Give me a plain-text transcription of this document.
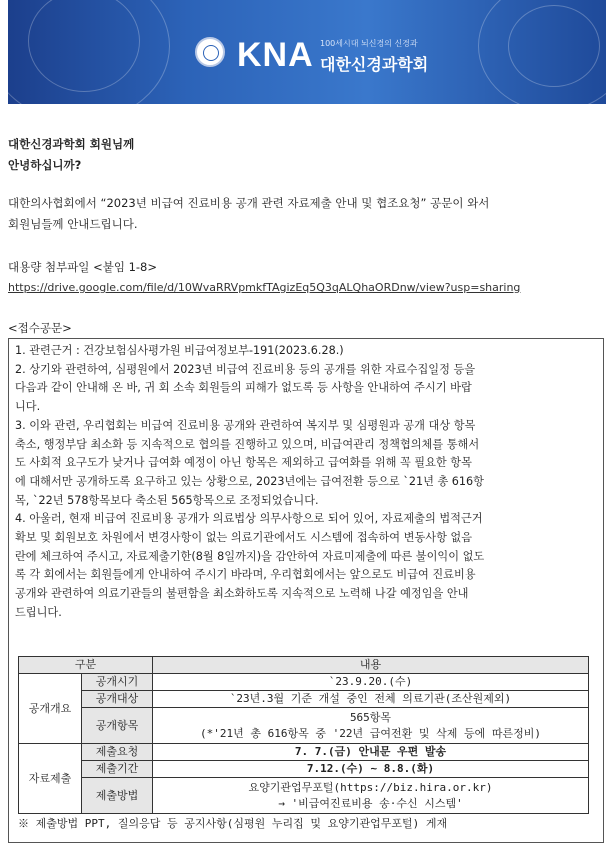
KNA 100세시대 뇌신경의 신경과
대한신경과학회
대한신경과학회 회원님께
안녕하십니까?
대한의사협회에서 “2023년 비급여 진료비용 공개 관련 자료제출 안내 및 협조요청” 공문이 와서
회원님들께 안내드립니다.
대용량 첨부파일 <붙임 1-8>
https://drive.google.com/file/d/10WvaRRVpmkfTAgizEq5Q3qALQhaORDnw/view?usp=sharing
<접수공문>
1. 관련근거 : 건강보험심사평가원 비급여정보부-191(2023.6.28.)
2. 상기와 관련하여, 심평원에서 2023년 비급여 진료비용 등의 공개를 위한 자료수집일정 등을
다음과 같이 안내해 온 바, 귀 회 소속 회원들의 피해가 없도록 등 사항을 안내하여 주시기 바랍
니다.
3. 이와 관련, 우리협회는 비급여 진료비용 공개와 관련하여 복지부 및 심평원과 공개 대상 항목
축소, 행정부담 최소화 등 지속적으로 협의를 진행하고 있으며, 비급여관리 정책협의체를 통해서
도 사회적 요구도가 낮거나 급여화 예정이 아닌 항목은 제외하고 급여화를 위해 꼭 필요한 항목
에 대해서만 공개하도록 요구하고 있는 상황으로, 2023년에는 급여전환 등으로 `21년 총 616항
목, `22년 578항목보다 축소된 565항목으로 조정되었습니다.
4. 아울러, 현재 비급여 진료비용 공개가 의료법상 의무사항으로 되어 있어, 자료제출의 법적근거
확보 및 회원보호 차원에서 변경사항이 없는 의료기관에서도 시스템에 접속하여 변동사항 없음
란에 체크하여 주시고, 자료제출기한(8월 8일까지)을 감안하여 자료미제출에 따른 불이익이 없도
록 각 회에서는 회원들에게 안내하여 주시기 바라며, 우리협회에서는 앞으로도 비급여 진료비용
공개와 관련하여 의료기관들의 불편함을 최소화하도록 지속적으로 노력해 나갈 예정임을 안내
드립니다.
구분		내용
공개개요	공개시기	`23.9.20.(수)
	공개대상	`23년.3월 기준 개설 중인 전체 의료기관(조산원제외)
	공개항목	565항목
(*'21년 총 616항목 중 '22년 급여전환 및 삭제 등에 따른정비)

자료제출	제출요청	7. 7.(금) 안내문 우편 발송
	제출기간	7.12.(수) ~ 8.8.(화)
	제출방법	요양기관업무포털(https://biz.hira.or.kr)
→ '비급여진료비용 송·수신 시스템'
※ 제출방법 PPT, 질의응답 등 공지사항(심평원 누리집 및 요양기관업무포털) 게재
